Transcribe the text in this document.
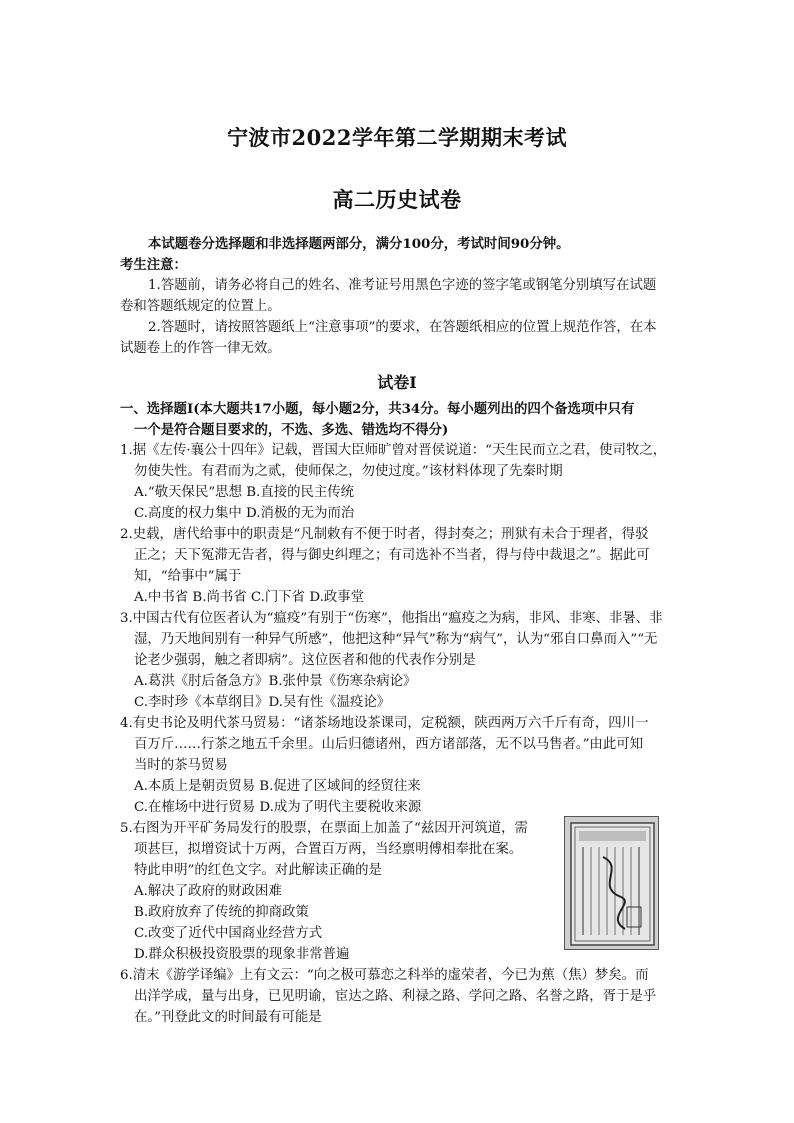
宁波市2022学年第二学期期末考试
高二历史试卷
本试题卷分选择题和非选择题两部分，满分100分，考试时间90分钟。
考生注意：
1.答题前，请务必将自己的姓名、准考证号用黑色字迹的签字笔或钢笔分别填写在试题
卷和答题纸规定的位置上。
2.答题时，请按照答题纸上“注意事项”的要求，在答题纸相应的位置上规范作答，在本
试题卷上的作答一律无效。
试卷Ⅰ
一、选择题Ⅰ(本大题共17小题，每小题2分，共34分。每小题列出的四个备选项中只有
一个是符合题目要求的，不选、多选、错选均不得分)
1.据《左传·襄公十四年》记载，晋国大臣师旷曾对晋侯说道：“天生民而立之君，使司牧之，
勿使失性。有君而为之贰，使师保之，勿使过度。”该材料体现了先秦时期
A.“敬天保民”思想 B.直接的民主传统
C.高度的权力集中 D.消极的无为而治
2.史载，唐代给事中的职责是“凡制敕有不便于时者，得封奏之；刑狱有未合于理者，得驳
正之；天下冤滞无告者，得与御史纠理之；有司选补不当者，得与侍中裁退之”。据此可
知，“给事中”属于
A.中书省 B.尚书省 C.门下省 D.政事堂
3.中国古代有位医者认为“瘟疫”有别于“伤寒”，他指出“瘟疫之为病，非风、非寒、非暑、非
湿，乃天地间别有一种异气所感”，他把这种“异气”称为“病气”，认为“邪自口鼻而入”“无
论老少强弱，触之者即病”。这位医者和他的代表作分别是
A.葛洪《肘后备急方》B.张仲景《伤寒杂病论》
C.李时珍《本草纲目》D.吴有性《温疫论》
4.有史书论及明代茶马贸易：“诸茶场地设茶课司，定税额，陕西两万六千斤有奇，四川一
百万斤……行茶之地五千余里。山后归德诸州，西方诸部落，无不以马售者。”由此可知
当时的茶马贸易
A.本质上是朝贡贸易 B.促进了区域间的经贸往来
C.在榷场中进行贸易 D.成为了明代主要税收来源
5.右图为开平矿务局发行的股票，在票面上加盖了“兹因开河筑道，需
项甚巨，拟增资试十万两，合置百万两，当经禀明傅相奉批在案。
特此申明”的红色文字。对此解读正确的是
A.解决了政府的财政困难
B.政府放弃了传统的抑商政策
C.改变了近代中国商业经营方式
D.群众积极投资股票的现象非常普遍
6.清末《游学译编》上有文云：“向之极可慕恋之科举的虚荣者，今已为蕉（焦）梦矣。而
出洋学成，量与出身，已见明谕，宦达之路、利禄之路、学问之路、名誉之路，胥于是乎
在。”刊登此文的时间最有可能是
